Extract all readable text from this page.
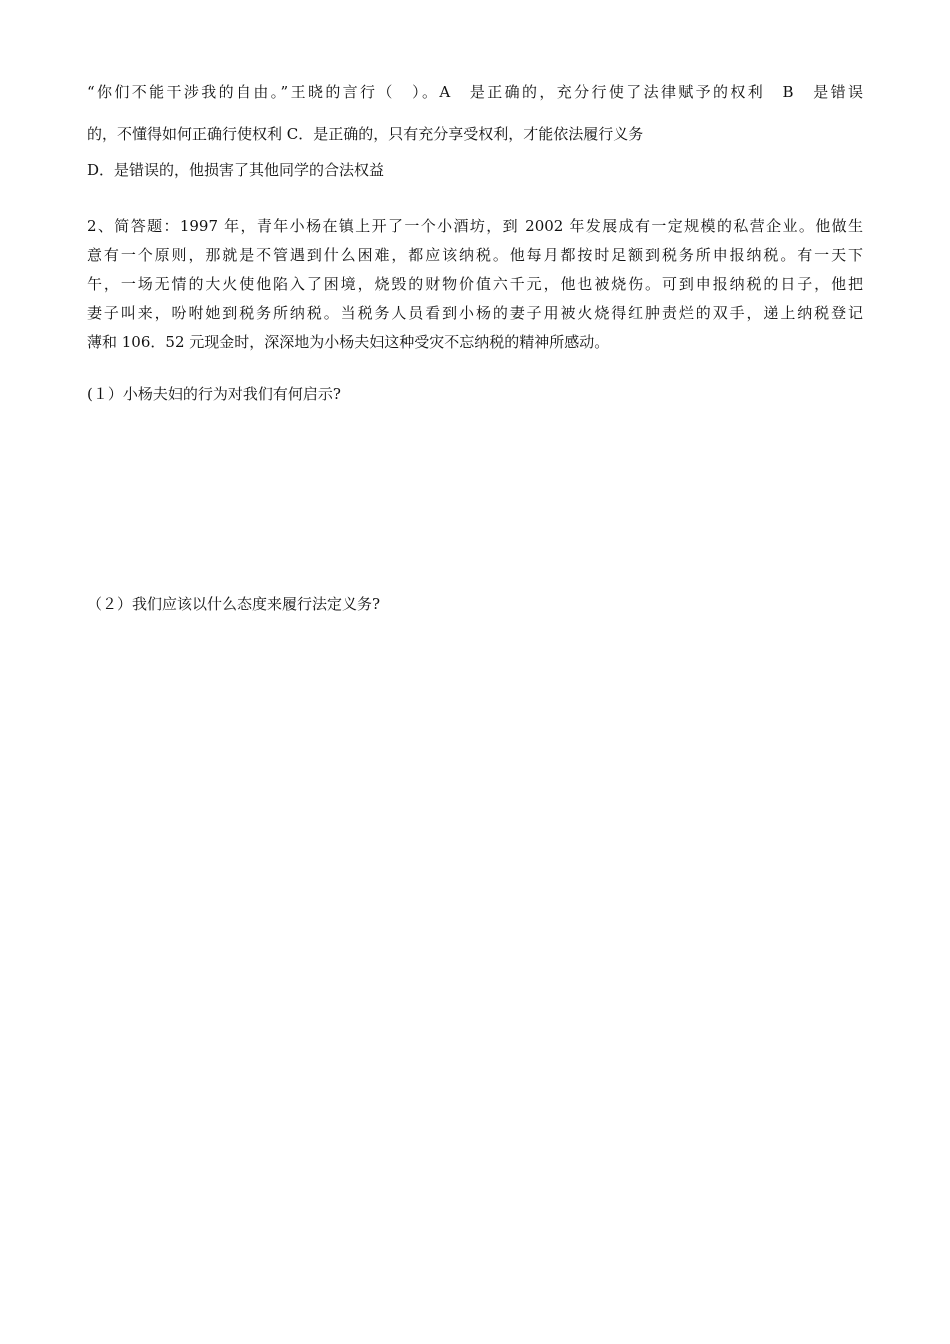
“你们不能干涉我的自由。”王晓的言行（　）。A　是正确的，充分行使了法律赋予的权利　B　是错误
的，不懂得如何正确行使权利 C．是正确的，只有充分享受权利，才能依法履行义务
D．是错误的，他损害了其他同学的合法权益
2、简答题：1997 年，青年小杨在镇上开了一个小酒坊，到 2002 年发展成有一定规模的私营企业。他做生
意有一个原则，那就是不管遇到什么困难，都应该纳税。他每月都按时足额到税务所申报纳税。有一天下
午，一场无情的大火使他陷入了困境，烧毁的财物价值六千元，他也被烧伤。可到申报纳税的日子，他把
妻子叫来，吩咐她到税务所纳税。当税务人员看到小杨的妻子用被火烧得红肿责烂的双手，递上纳税登记
薄和 106．52 元现金时，深深地为小杨夫妇这种受灾不忘纳税的精神所感动。
(１）小杨夫妇的行为对我们有何启示?
（２）我们应该以什么态度来履行法定义务?
